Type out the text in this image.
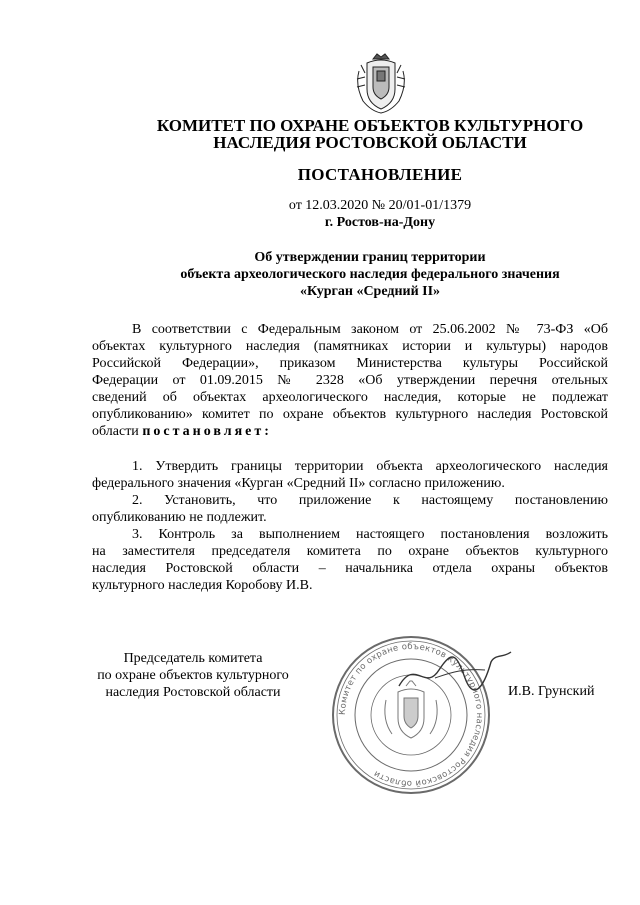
КОМИТЕТ ПО ОХРАНЕ ОБЪЕКТОВ КУЛЬТУРНОГО
НАСЛЕДИЯ РОСТОВСКОЙ ОБЛАСТИ
ПОСТАНОВЛЕНИЕ
от 12.03.2020 № 20/01-01/1379
г. Ростов-на-Дону
Об утверждении границ территории
объекта археологического наследия федерального значения
«Курган «Средний II»
В соответствии с Федеральным законом от 25.06.2002 № 73-ФЗ «Об
объектах культурного наследия (памятниках истории и культуры) народов
Российской Федерации», приказом Министерства культуры Российской
Федерации от 01.09.2015 № 2328 «Об утверждении перечня отельных
сведений об объектах археологического наследия, которые не подлежат
опубликованию» комитет по охране объектов культурного наследия Ростовской
области постановляет:
1. Утвердить границы территории объекта археологического наследия
федерального значения «Курган «Средний II» согласно приложению.
2. Установить, что приложение к настоящему постановлению
опубликованию не подлежит.
3. Контроль за выполнением настоящего постановления возложить
на заместителя председателя комитета по охране объектов культурного
наследия Ростовской области – начальника отдела охраны объектов
культурного наследия Коробову И.В.
Комитет по охране объектов культурного наследия Ростовской области
Председатель комитета
по охране объектов культурного
наследия Ростовской области	И.В. Грунский
